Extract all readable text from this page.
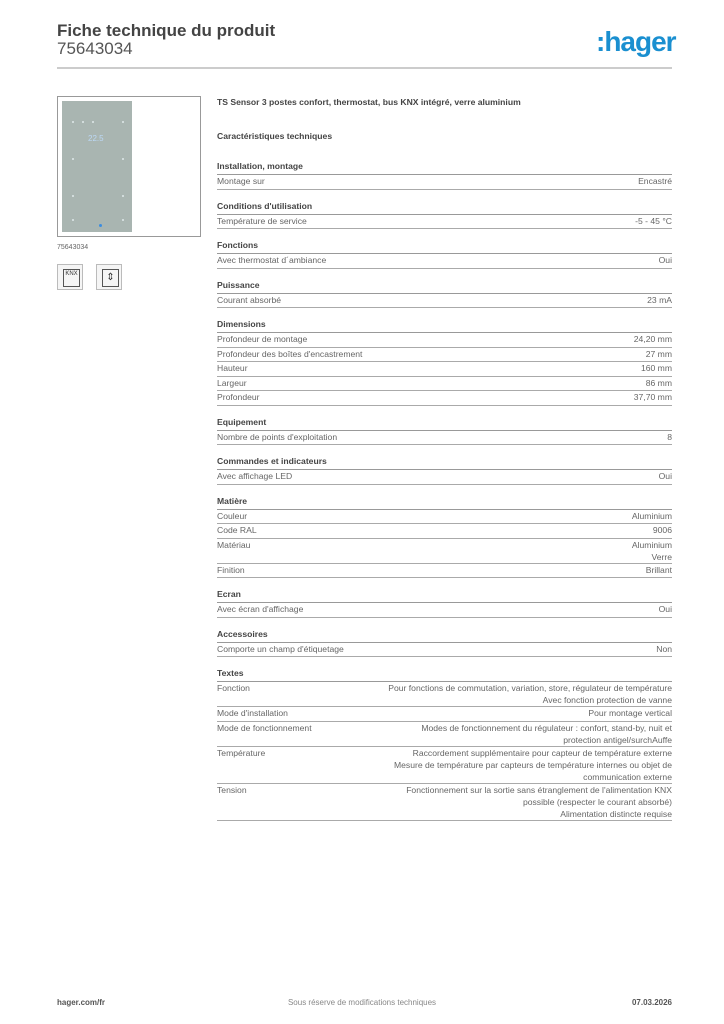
Fiche technique du produit
75643034	:hager
22.5
75643034
KNX	⇕
TS Sensor 3 postes confort, thermostat, bus KNX intégré, verre aluminium
Caractéristiques techniques
Installation, montage
Montage sur	Encastré
Conditions d'utilisation
Température de service	-5 - 45 °C
Fonctions
Avec thermostat d´ambiance	Oui
Puissance
Courant absorbé	23 mA
Dimensions
Profondeur de montage	24,20 mm
Profondeur des boîtes d'encastrement	27 mm
Hauteur	160 mm
Largeur	86 mm
Profondeur	37,70 mm
Equipement
Nombre de points d'exploitation	8
Commandes et indicateurs
Avec affichage LED	Oui
Matière
Couleur	Aluminium
Code RAL	9006
Matériau	Aluminium
Verre
Finition	Brillant
Ecran
Avec écran d'affichage	Oui
Accessoires
Comporte un champ d'étiquetage	Non
Textes
Fonction	Pour fonctions de commutation, variation, store, régulateur de température
Avec fonction protection de vanne
Mode d'installation	Pour montage vertical
Mode de fonctionnement	Modes de fonctionnement du régulateur : confort, stand-by, nuit et protection antigel/surchAuffe
Température	Raccordement supplémentaire pour capteur de température externe
Mesure de température par capteurs de température internes ou objet de communication externe
Tension	Fonctionnement sur la sortie sans étranglement de l'alimentation KNX possible (respecter le courant absorbé)
Alimentation distincte requise
hager.com/fr	Sous réserve de modifications techniques	07.03.2026
